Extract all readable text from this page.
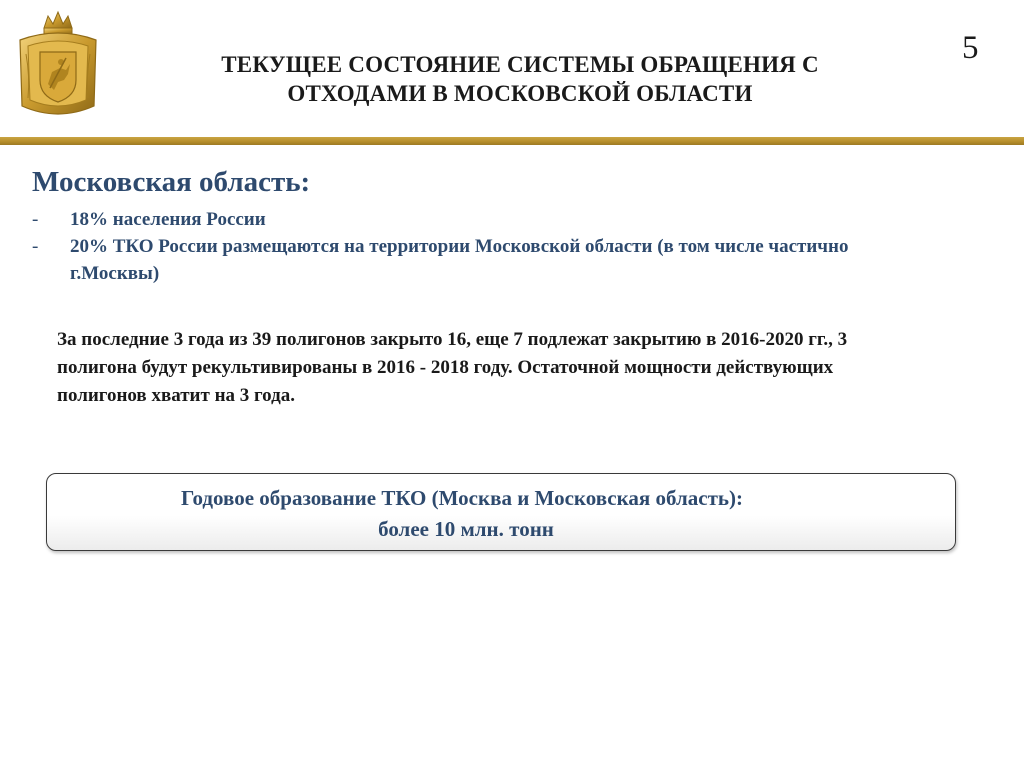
ТЕКУЩЕЕ СОСТОЯНИЕ СИСТЕМЫ ОБРАЩЕНИЯ С
ОТХОДАМИ В МОСКОВСКОЙ ОБЛАСТИ
5
Московская область:
- 18% населения России
- 20% ТКО России размещаются на территории Московской области (в том числе частично г.Москвы)

За последние 3 года из 39 полигонов закрыто 16, еще 7 подлежат закрытию в 2016-2020 гг., 3 полигона будут рекультивированы в 2016 - 2018 году. Остаточной мощности действующих полигонов хватит на 3 года.

Годовое образование ТКО (Москва и Московская область):
более 10 млн. тонн
